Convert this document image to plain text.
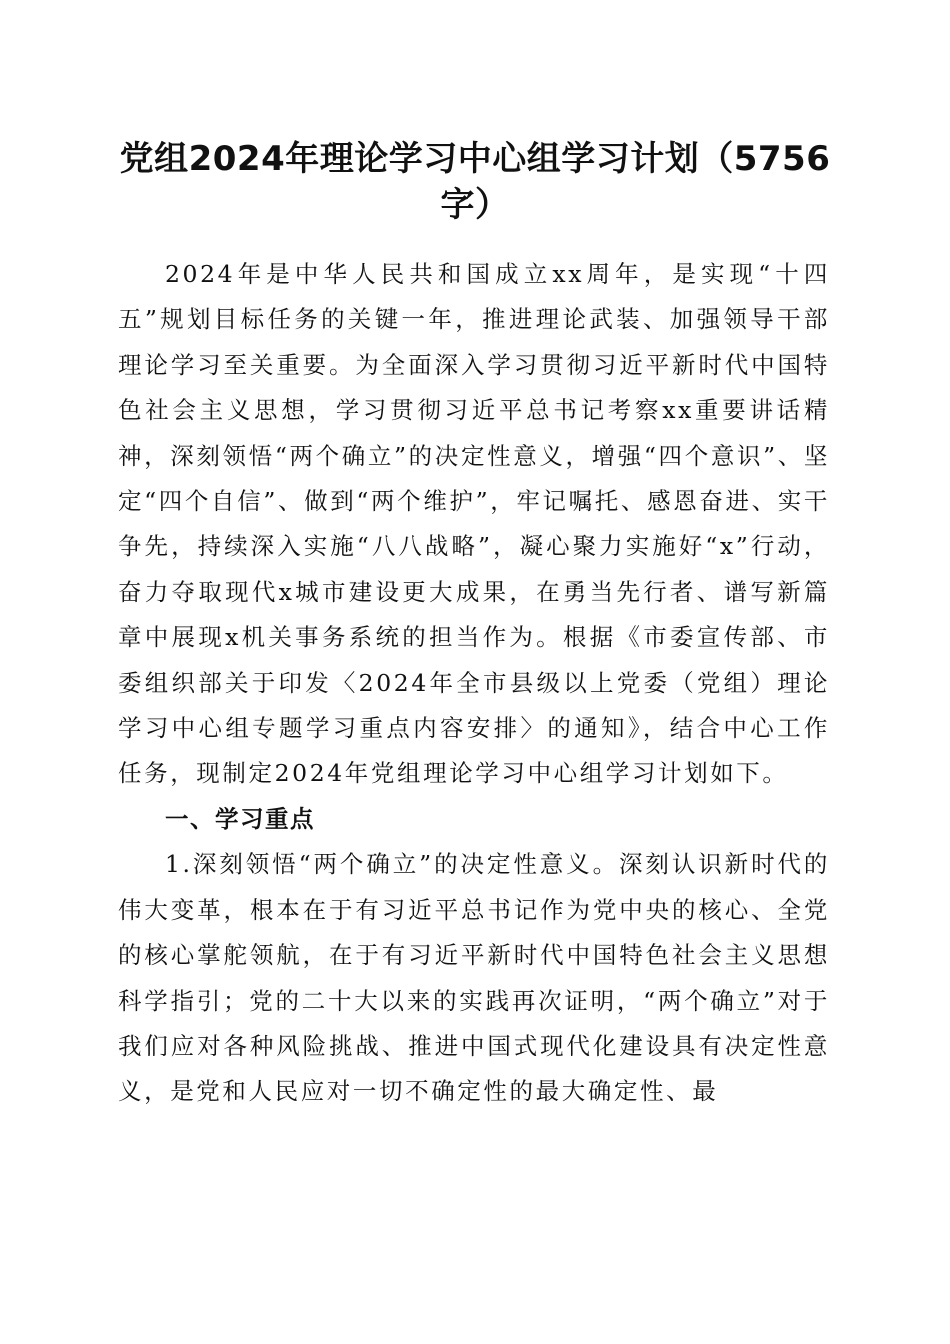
党组2024年理论学习中心组学习计划（5756字）

2024年是中华人民共和国成立xx周年，是实现“十四五”规划目标任务的关键一年，推进理论武装、加强领导干部理论学习至关重要。为全面深入学习贯彻习近平新时代中国特色社会主义思想，学习贯彻习近平总书记考察xx重要讲话精神，深刻领悟“两个确立”的决定性意义，增强“四个意识”、坚定“四个自信”、做到“两个维护”，牢记嘱托、感恩奋进、实干争先，持续深入实施“八八战略”，凝心聚力实施好“x”行动，奋力夺取现代x城市建设更大成果，在勇当先行者、谱写新篇章中展现x机关事务系统的担当作为。根据《市委宣传部、市委组织部关于印发〈2024年全市县级以上党委（党组）理论学习中心组专题学习重点内容安排〉的通知》，结合中心工作任务，现制定2024年党组理论学习中心组学习计划如下。

一、学习重点

1.深刻领悟“两个确立”的决定性意义。深刻认识新时代的伟大变革，根本在于有习近平总书记作为党中央的核心、全党的核心掌舵领航，在于有习近平新时代中国特色社会主义思想科学指引；党的二十大以来的实践再次证明，“两个确立”对于我们应对各种风险挑战、推进中国式现代化建设具有决定性意义，是党和人民应对一切不确定性的最大确定性、最
